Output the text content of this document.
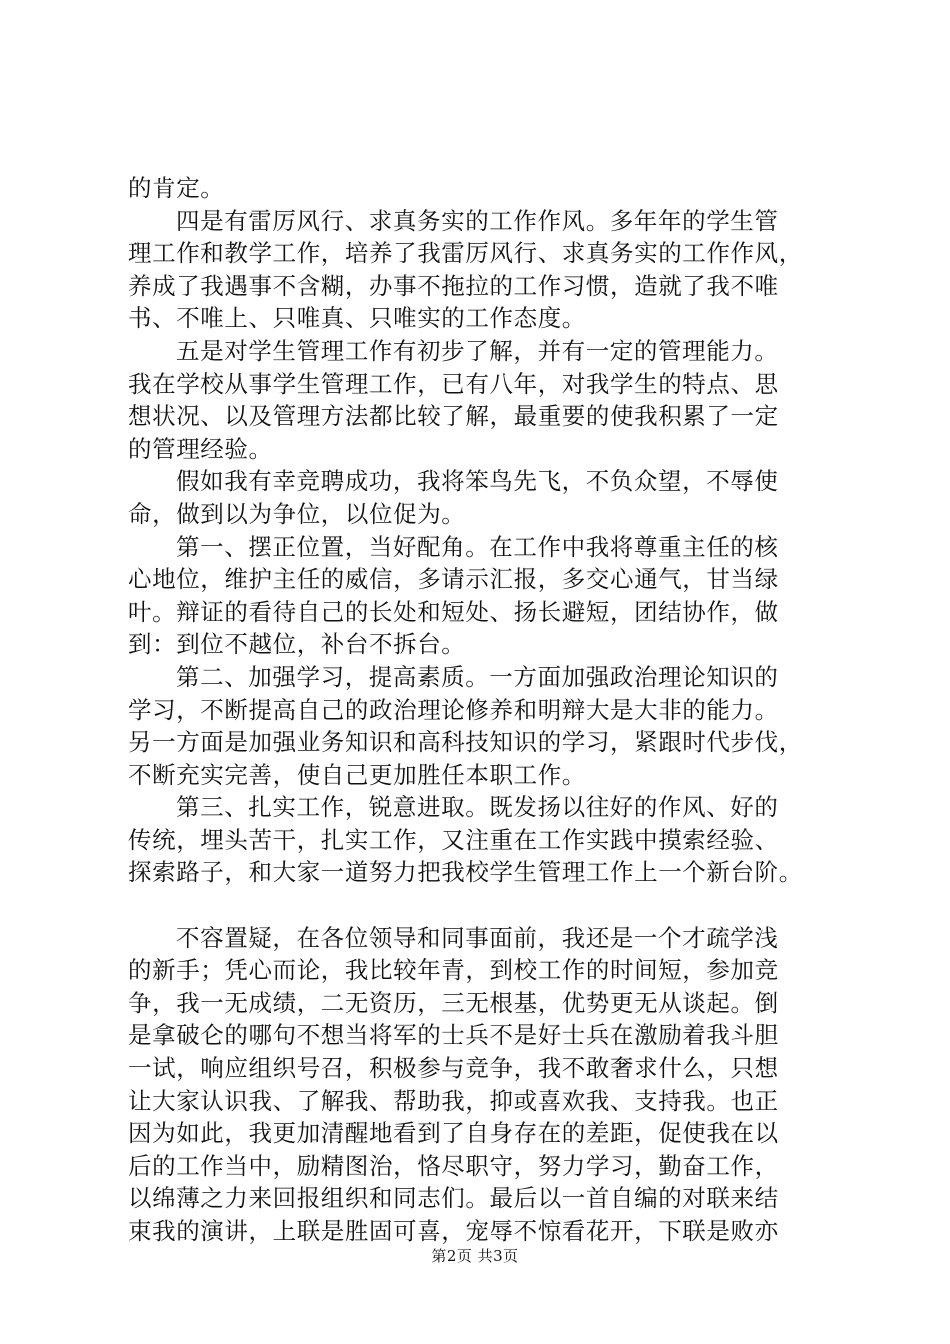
的肯定。
四是有雷厉风行、求真务实的工作作风。多年年的学生管
理工作和教学工作，培养了我雷厉风行、求真务实的工作作风，
养成了我遇事不含糊，办事不拖拉的工作习惯，造就了我不唯
书、不唯上、只唯真、只唯实的工作态度。
五是对学生管理工作有初步了解，并有一定的管理能力。
我在学校从事学生管理工作，已有八年，对我学生的特点、思
想状况、以及管理方法都比较了解，最重要的使我积累了一定
的管理经验。
假如我有幸竞聘成功，我将笨鸟先飞，不负众望，不辱使
命，做到以为争位，以位促为。
第一、摆正位置，当好配角。在工作中我将尊重主任的核
心地位，维护主任的威信，多请示汇报，多交心通气，甘当绿
叶。辩证的看待自己的长处和短处、扬长避短，团结协作，做
到：到位不越位，补台不拆台。
第二、加强学习，提高素质。一方面加强政治理论知识的
学习，不断提高自己的政治理论修养和明辩大是大非的能力。
另一方面是加强业务知识和高科技知识的学习，紧跟时代步伐，
不断充实完善，使自己更加胜任本职工作。
第三、扎实工作，锐意进取。既发扬以往好的作风、好的
传统，埋头苦干，扎实工作，又注重在工作实践中摸索经验、
探索路子，和大家一道努力把我校学生管理工作上一个新台阶。
不容置疑，在各位领导和同事面前，我还是一个才疏学浅
的新手；凭心而论，我比较年青，到校工作的时间短，参加竞
争，我一无成绩，二无资历，三无根基，优势更无从谈起。倒
是拿破仑的哪句不想当将军的士兵不是好士兵在激励着我斗胆
一试，响应组织号召，积极参与竞争，我不敢奢求什么，只想
让大家认识我、了解我、帮助我，抑或喜欢我、支持我。也正
因为如此，我更加清醒地看到了自身存在的差距，促使我在以
后的工作当中，励精图治，恪尽职守，努力学习，勤奋工作，
以绵薄之力来回报组织和同志们。最后以一首自编的对联来结
束我的演讲，上联是胜固可喜，宠辱不惊看花开，下联是败亦
第2页 共3页
